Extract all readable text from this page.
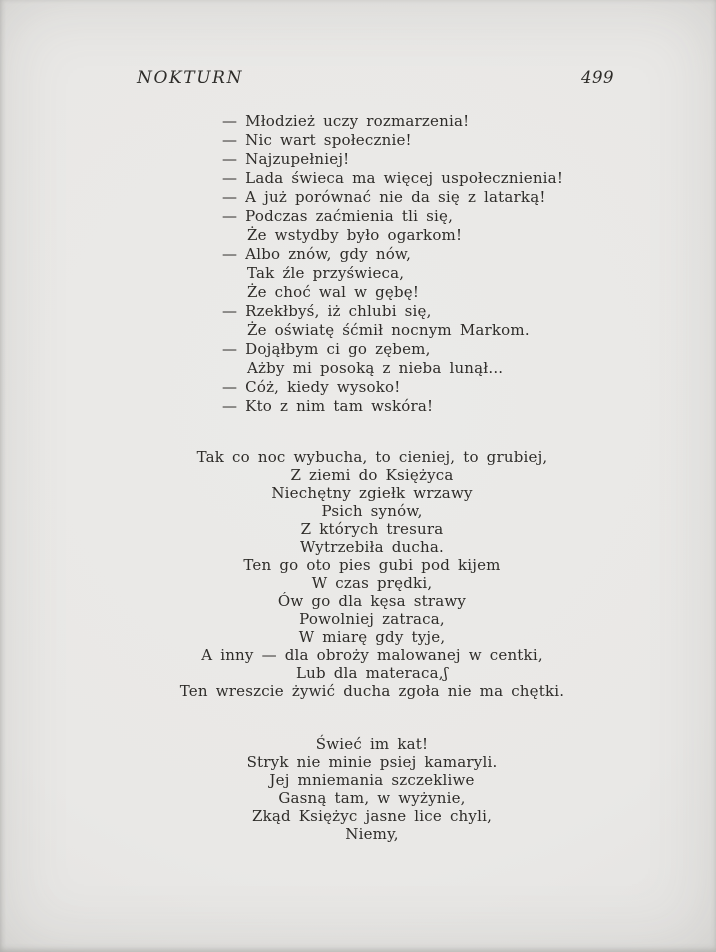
NOKTURN	499
— Młodzież uczy rozmarzenia!
— Nic wart społecznie!
— Najzupełniej!
— Lada świeca ma więcej uspołecznienia!
— A już porównać nie da się z latarką!
— Podczas zaćmienia tli się,
Że wstydby było ogarkom!
— Albo znów, gdy nów,
Tak źle przyświeca,
Że choć wal w gębę!
— Rzekłbyś, iż chlubi się,
Że oświatę śćmił nocnym Markom.
— Dojąłbym ci go zębem,
Ażby mi posoką z nieba lunął...
— Cóż, kiedy wysoko!
— Kto z nim tam wskóra!
Tak co noc wybucha, to cieniej, to grubiej,
Z ziemi do Księżyca
Niechętny zgiełk wrzawy
Psich synów,
Z których tresura
Wytrzebiła ducha.
Ten go oto pies gubi pod kijem
W czas prędki,
Ów go dla kęsa strawy
Powolniej zatraca,
W miarę gdy tyje,
A inny — dla obroży malowanej w centki,
Lub dla materaca,ʃ
Ten wreszcie żywić ducha zgoła nie ma chętki.
Świeć im kat!
Stryk nie minie psiej kamaryli.
Jej mniemania szczekliwe
Gasną tam, w wyżynie,
Zkąd Księżyc jasne lice chyli,
Niemy,
